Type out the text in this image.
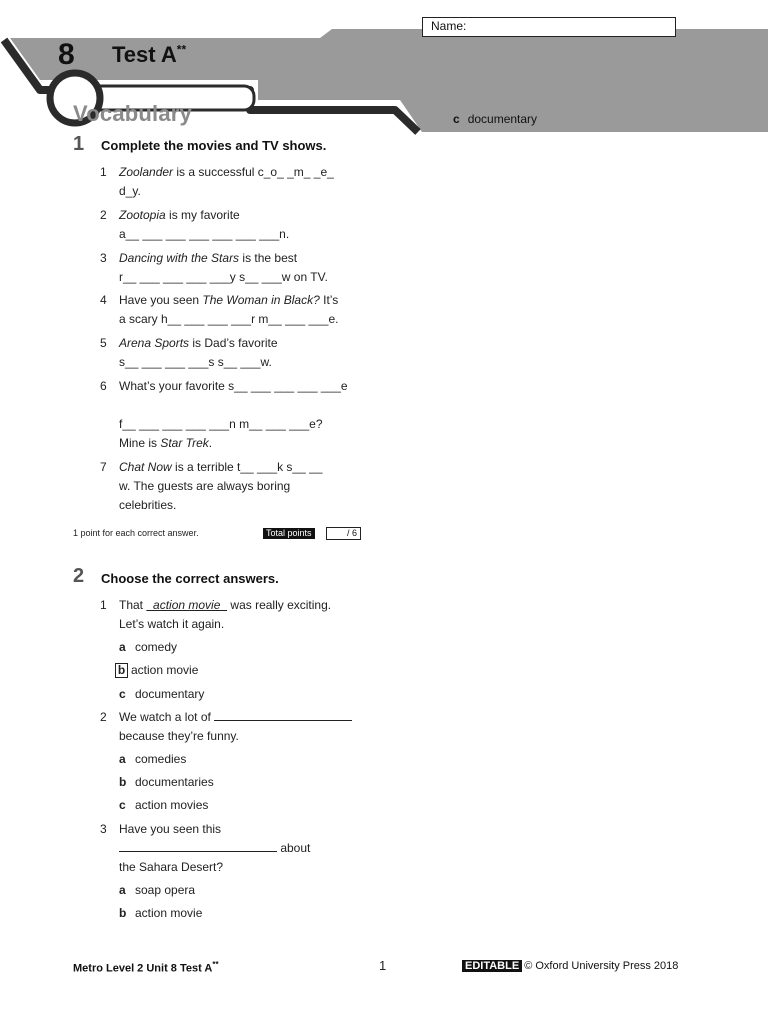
Name:
8 Test A**
Vocabulary	c documentary
1 Complete the movies and TV shows.
1 Zoolander is a successful c_o_ _m_ _e_
d_y.
2 Zootopia is my favorite
a__ ___ ___ ___ ___ ___ ___n.
3 Dancing with the Stars is the best
r__ ___ ___ ___ ___y s__ ___w on TV.
4 Have you seen The Woman in Black? It’s
a scary h__ ___ ___ ___r m__ ___ ___e.
5 Arena Sports is Dad’s favorite
s__ ___ ___ ___s s__ ___w.
6 What’s your favorite s__ ___ ___ ___ ___e
f__ ___ ___ ___ ___n m__ ___ ___e?
Mine is Star Trek.
7 Chat Now is a terrible t__ ___k s__ __
w. The guests are always boring
celebrities.
1 point for each correct answer.	Total points	/ 6
2 Choose the correct answers.
1 That   action movie   was really exciting.
Let’s watch it again.
a comedy
b action movie
c documentary
2 We watch a lot of
because they’re funny.
a comedies
b documentaries
c action movies
3 Have you seen this
about
the Sahara Desert?
a soap opera
b action movie
Metro Level 2 Unit 8 Test A**	1	EDITABLE © Oxford University Press 2018
